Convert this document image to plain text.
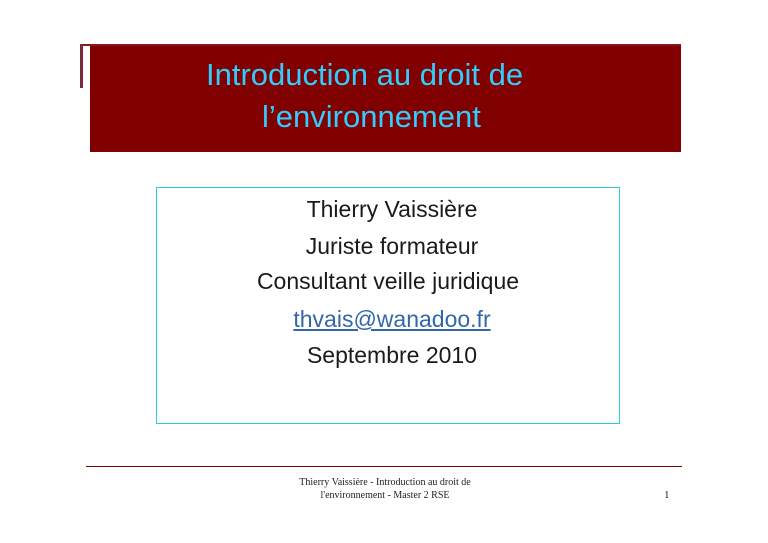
Introduction au droit de
l’environnement
Thierry Vaissière
Juriste formateur
Consultant veille juridique
thvais@wanadoo.fr
Septembre 2010
Thierry Vaissière - Introduction au droit de
l'environnement - Master 2 RSE	1
